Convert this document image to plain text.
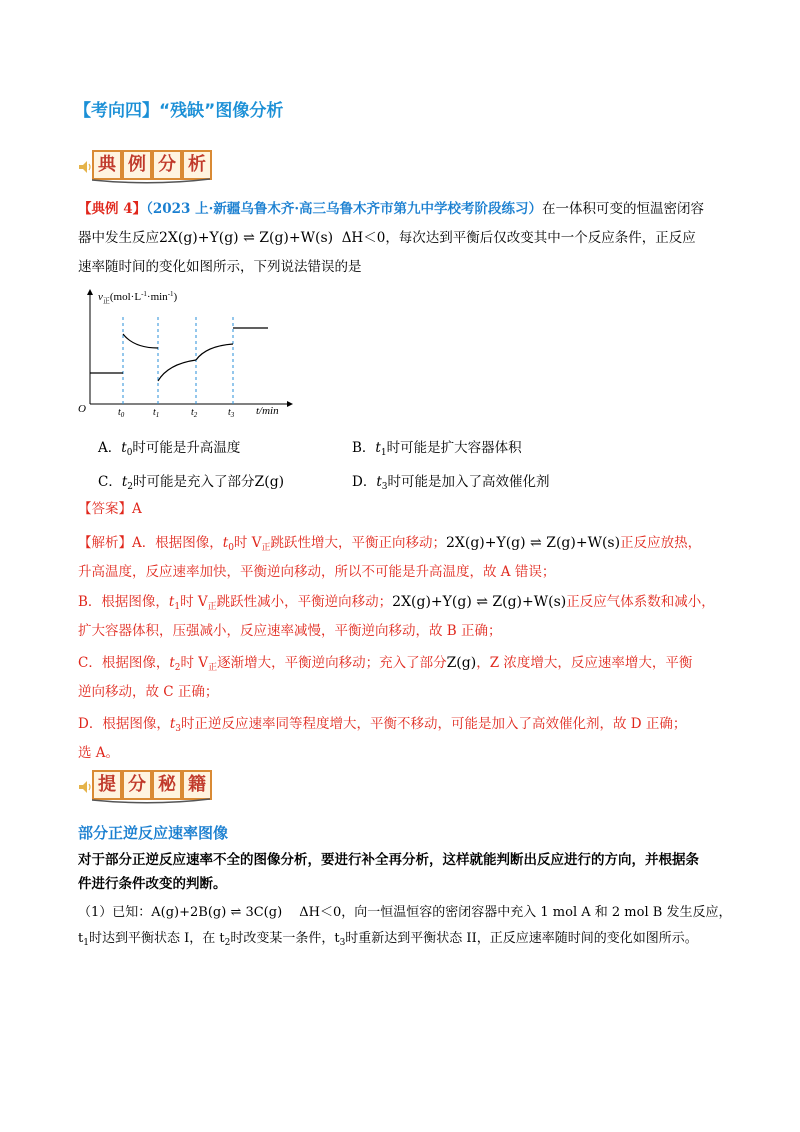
【考向四】“残缺”图像分析
典 例 分 析
【典例 4】（2023 上·新疆乌鲁木齐·高三乌鲁木齐市第九中学校考阶段练习）在一体积可变的恒温密闭容
器中发生反应2X(g)+Y(g) ⇌ Z(g)+W(s) ΔH＜0，每次达到平衡后仅改变其中一个反应条件，正反应
速率随时间的变化如图所示，下列说法错误的是
O
$v_正(mol\cdot L^{-1}\cdot\min^{-1})$
t/min
$t_0$	$t_1$	$t_2$	$t_3$
A．$t_0$时可能是升高温度	B．$t_1$时可能是扩大容器体积
C．$t_2$时可能是充入了部分Z(g)	D．$t_3$时可能是加入了高效催化剂
【答案】A
【解析】A．根据图像，$t_0$时 $V_正$跳跃性增大，平衡正向移动；2X(g)+Y(g) ⇌ Z(g)+W(s)正反应放热，
升高温度，反应速率加快，平衡逆向移动，所以不可能是升高温度，故 A 错误；
B．根据图像，$t_1$时 $V_正$跳跃性减小，平衡逆向移动；2X(g)+Y(g) ⇌ Z(g)+W(s)正反应气体系数和减小，
扩大容器体积，压强减小，反应速率减慢，平衡逆向移动，故 B 正确；
C．根据图像，$t_2$时 $V_正$逐渐增大，平衡逆向移动；充入了部分Z(g)，Z 浓度增大，反应速率增大，平衡
逆向移动，故 C 正确；
D．根据图像，$t_3$时正逆反应速率同等程度增大，平衡不移动，可能是加入了高效催化剂，故 D 正确；
选 A。
提 分 秘 籍
部分正逆反应速率图像
对于部分正逆反应速率不全的图像分析，要进行补全再分析，这样就能判断出反应进行的方向，并根据条
件进行条件改变的判断。
（1）已知：A(g)+2B(g) ⇌ 3C(g)　 ΔH＜0，向一恒温恒容的密闭容器中充入 1 mol A 和 2 mol B 发生反应，
$t_1$时达到平衡状态 I，在 $t_2$时改变某一条件，$t_3$时重新达到平衡状态 II，正反应速率随时间的变化如图所示。
